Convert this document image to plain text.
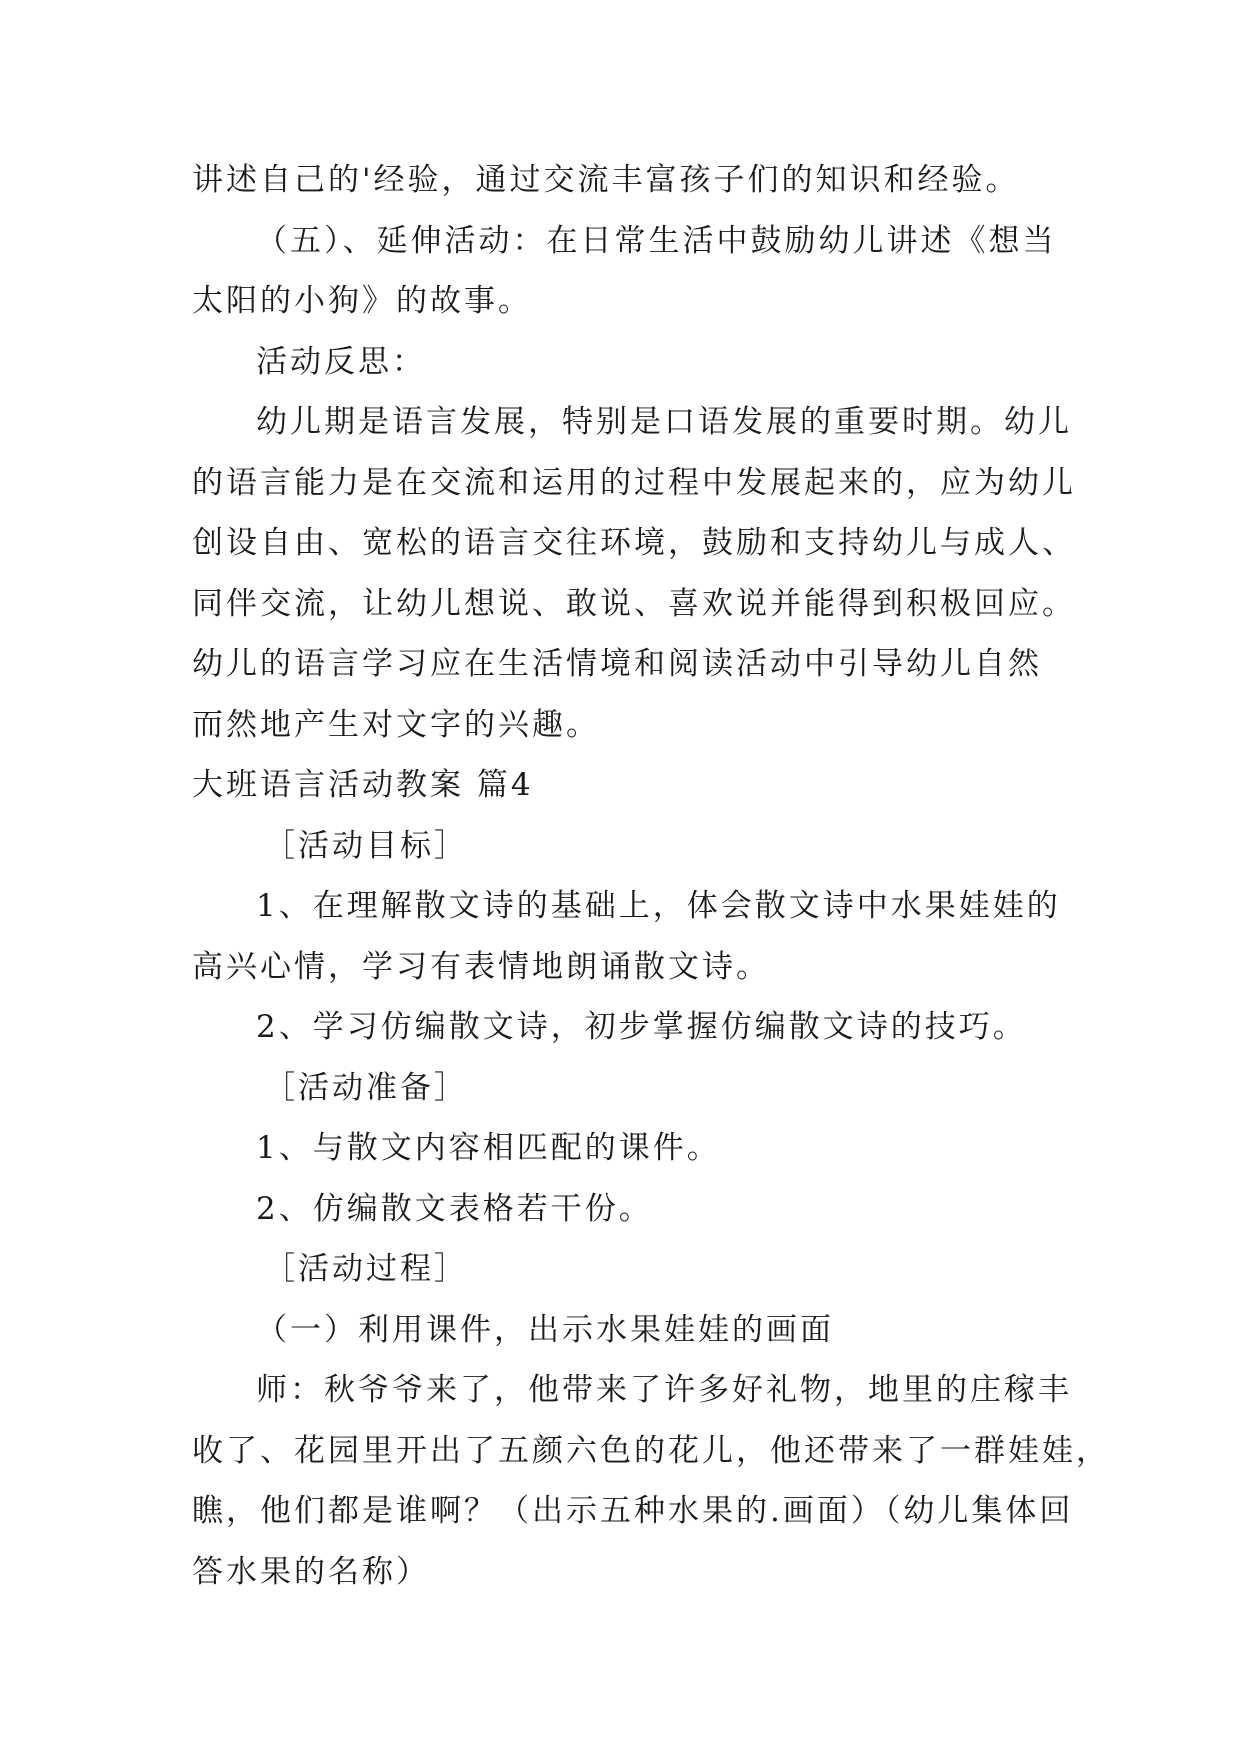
讲述自己的'经验，通过交流丰富孩子们的知识和经验。
（五）、延伸活动：在日常生活中鼓励幼儿讲述《想当
太阳的小狗》的故事。
活动反思：
幼儿期是语言发展，特别是口语发展的重要时期。幼儿
的语言能力是在交流和运用的过程中发展起来的，应为幼儿
创设自由、宽松的语言交往环境，鼓励和支持幼儿与成人、
同伴交流，让幼儿想说、敢说、喜欢说并能得到积极回应。
幼儿的语言学习应在生活情境和阅读活动中引导幼儿自然
而然地产生对文字的兴趣。
大班语言活动教案 篇4
［活动目标］
1、在理解散文诗的基础上，体会散文诗中水果娃娃的
高兴心情，学习有表情地朗诵散文诗。
2、学习仿编散文诗，初步掌握仿编散文诗的技巧。
［活动准备］
1、与散文内容相匹配的课件。
2、仿编散文表格若干份。
［活动过程］
（一）利用课件，出示水果娃娃的画面
师：秋爷爷来了，他带来了许多好礼物，地里的庄稼丰
收了、花园里开出了五颜六色的花儿，他还带来了一群娃娃，
瞧，他们都是谁啊？（出示五种水果的.画面）（幼儿集体回
答水果的名称）
